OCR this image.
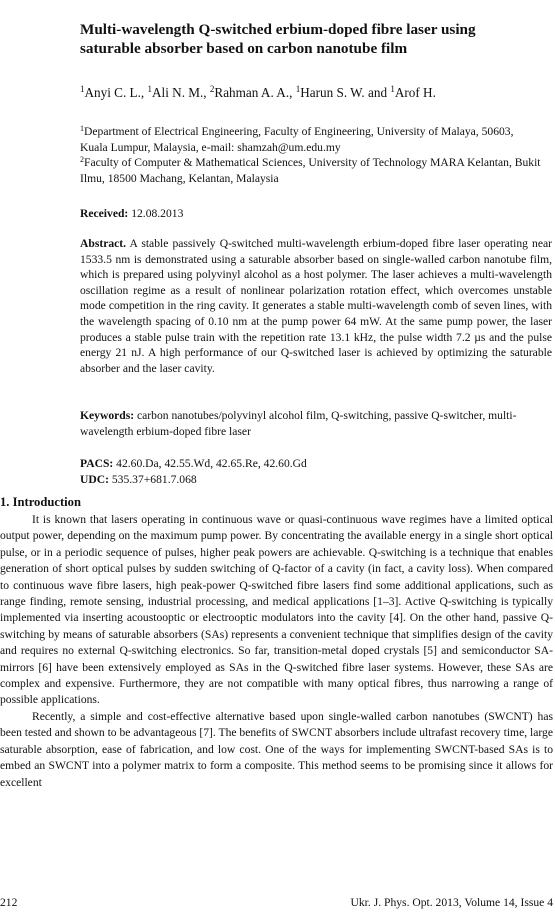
Multi-wavelength Q-switched erbium-doped fibre laser using saturable absorber based on carbon nanotube film
$^1$Anyi C. L., $^1$Ali N. M., $^2$Rahman A. A., $^1$Harun S. W. and $^1$Arof H.

$^1$Department of Electrical Engineering, Faculty of Engineering, University of Malaya, 50603, Kuala Lumpur, Malaysia, e-mail: shamzah@um.edu.my

$^2$Faculty of Computer & Mathematical Sciences, University of Technology MARA Kelantan, Bukit Ilmu, 18500 Machang, Kelantan, Malaysia

Received: 12.08.2013
Abstract. A stable passively Q-switched multi-wavelength erbium-doped fibre laser operating near 1533.5 nm is demonstrated using a saturable absorber based on single-walled carbon nanotube film, which is prepared using polyvinyl alcohol as a host polymer. The laser achieves a multi-wavelength oscillation regime as a result of nonlinear polarization rotation effect, which overcomes unstable mode competition in the ring cavity. It generates a stable multi-wavelength comb of seven lines, with the wavelength spacing of 0.10 nm at the pump power 64 mW. At the same pump power, the laser produces a stable pulse train with the repetition rate 13.1 kHz, the pulse width 7.2 µs and the pulse energy 21 nJ. A high performance of our Q-switched laser is achieved by optimizing the saturable absorber and the laser cavity.
Keywords: carbon nanotubes/polyvinyl alcohol film, Q-switching, passive Q-switcher, multi-wavelength erbium-doped fibre laser
PACS: 42.60.Da, 42.55.Wd, 42.65.Re, 42.60.Gd
UDC: 535.37+681.7.068
1. Introduction

It is known that lasers operating in continuous wave or quasi-continuous wave regimes have a limited optical output power, depending on the maximum pump power. By concentrating the available energy in a single short optical pulse, or in a periodic sequence of pulses, higher peak powers are achievable. Q-switching is a technique that enables generation of short optical pulses by sudden switching of Q-factor of a cavity (in fact, a cavity loss). When compared to continuous wave fibre lasers, high peak-power Q-switched fibre lasers find some additional applications, such as range finding, remote sensing, industrial processing, and medical applications [1–3]. Active Q-switching is typically implemented via inserting acoustooptic or electrooptic modulators into the cavity [4]. On the other hand, passive Q-switching by means of saturable absorbers (SAs) represents a convenient technique that simplifies design of the cavity and requires no external Q-switching electronics. So far, transition-metal doped crystals [5] and semiconductor SA-mirrors [6] have been extensively employed as SAs in the Q-switched fibre laser systems. However, these SAs are complex and expensive. Furthermore, they are not compatible with many optical fibres, thus narrowing a range of possible applications.

Recently, a simple and cost-effective alternative based upon single-walled carbon nanotubes (SWCNT) has been tested and shown to be advantageous [7]. The benefits of SWCNT absorbers include ultrafast recovery time, large saturable absorption, ease of fabrication, and low cost. One of the ways for implementing SWCNT-based SAs is to embed an SWCNT into a polymer matrix to form a composite. This method seems to be promising since it allows for excellent

212	Ukr. J. Phys. Opt. 2013, Volume 14, Issue 4
